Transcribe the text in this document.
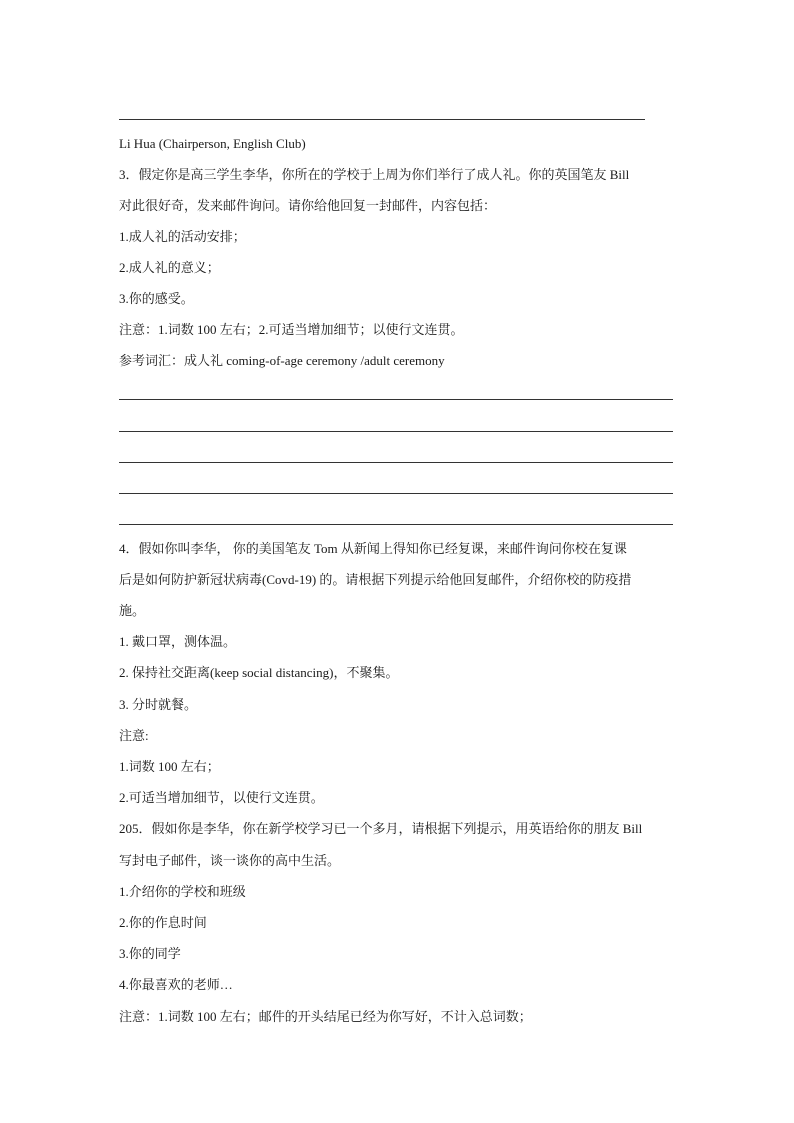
Li Hua (Chairperson, English Club)
3．假定你是高三学生李华，你所在的学校于上周为你们举行了成人礼。你的英国笔友 Bill
对此很好奇，发来邮件询问。请你给他回复一封邮件，内容包括：
1.成人礼的活动安排；
2.成人礼的意义；
3.你的感受。
注意：1.词数 100 左右；2.可适当增加细节；以使行文连贯。
参考词汇：成人礼 coming-of-age ceremony /adult ceremony
4．假如你叫李华， 你的美国笔友 Tom 从新闻上得知你已经复课，来邮件询问你校在复课
后是如何防护新冠状病毒(Covd-19) 的。请根据下列提示给他回复邮件，介绍你校的防疫措
施。
1. 戴口罩，测体温。
2. 保持社交距离(keep social distancing)，不聚集。
3. 分时就餐。
注意:
1.词数 100 左右；
2.可适当增加细节，以使行文连贯。
205．假如你是李华，你在新学校学习已一个多月，请根据下列提示，用英语给你的朋友 Bill
写封电子邮件，谈一谈你的高中生活。
1.介绍你的学校和班级
2.你的作息时间
3.你的同学
4.你最喜欢的老师…
注意：1.词数 100 左右；邮件的开头结尾已经为你写好，不计入总词数；
